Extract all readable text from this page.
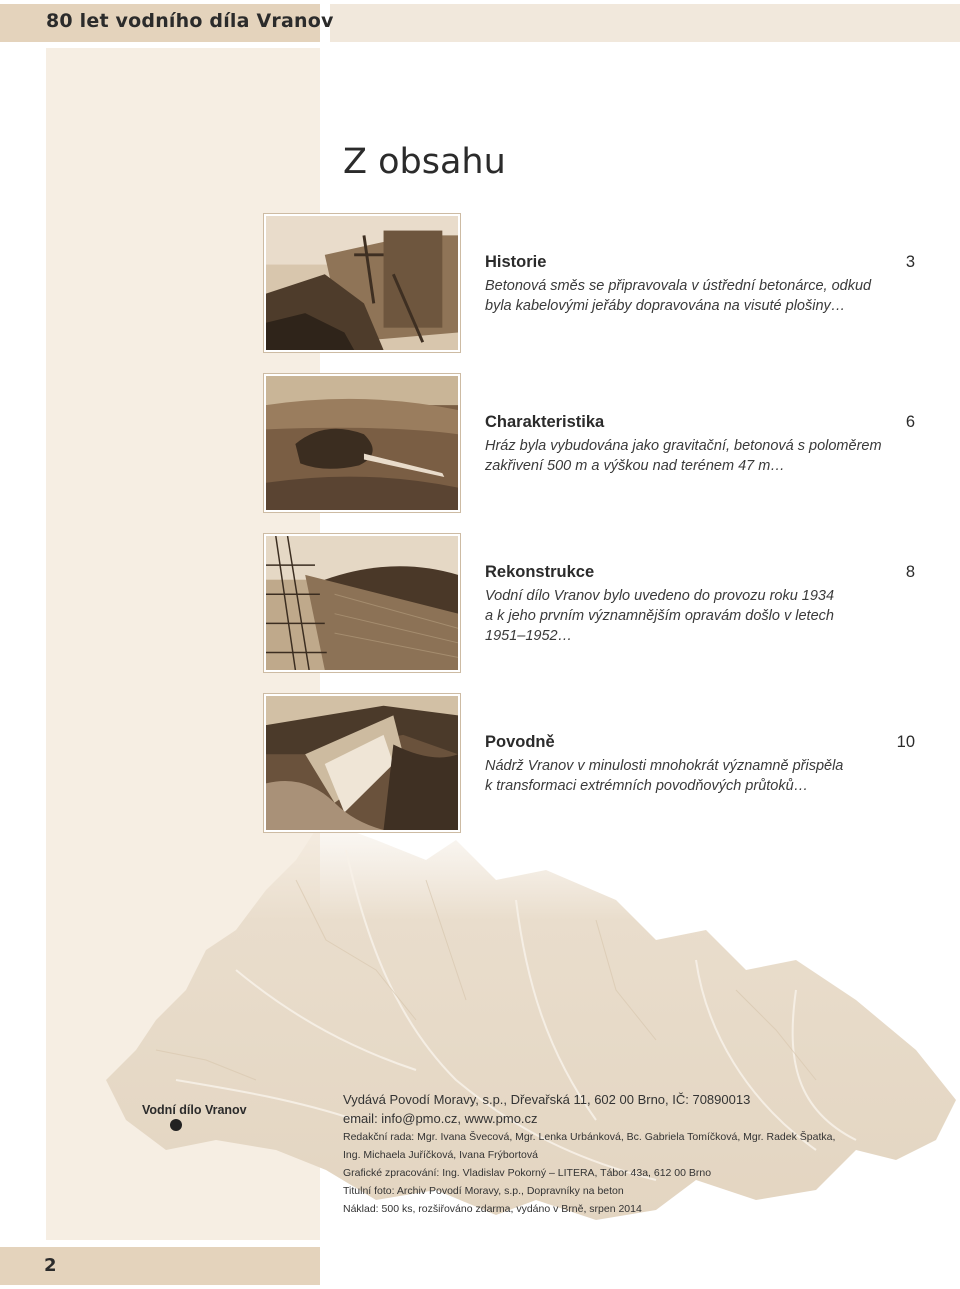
80 let vodního díla Vranov
Z obsahu
Historie	3
Betonová směs se připravovala v ústřední betonárce, odkud
byla kabelovými jeřáby dopravována na visuté plošiny…
Charakteristika	6
Hráz byla vybudována jako gravitační, betonová s poloměrem
zakřivení 500 m a výškou nad terénem 47 m…
Rekonstrukce	8
Vodní dílo Vranov bylo uvedeno do provozu roku 1934
a k jeho prvním významnějším opravám došlo v letech
1951–1952…
Povodně	10
Nádrž Vranov v minulosti mnohokrát významně přispěla
k transformaci extrémních povodňových průtoků…
Vodní dílo Vranov
Vydává Povodí Moravy, s.p., Dřevařská 11, 602 00 Brno, IČ: 70890013
email: info@pmo.cz, www.pmo.cz
Redakční rada: Mgr. Ivana Švecová, Mgr. Lenka Urbánková, Bc. Gabriela Tomíčková, Mgr. Radek Špatka,
Ing. Michaela Juříčková, Ivana Frýbortová
Grafické zpracování: Ing. Vladislav Pokorný – LITERA, Tábor 43a, 612 00 Brno
Titulní foto: Archiv Povodí Moravy, s.p., Dopravníky na beton
Náklad: 500 ks, rozšiřováno zdarma, vydáno v Brně, srpen 2014
2
